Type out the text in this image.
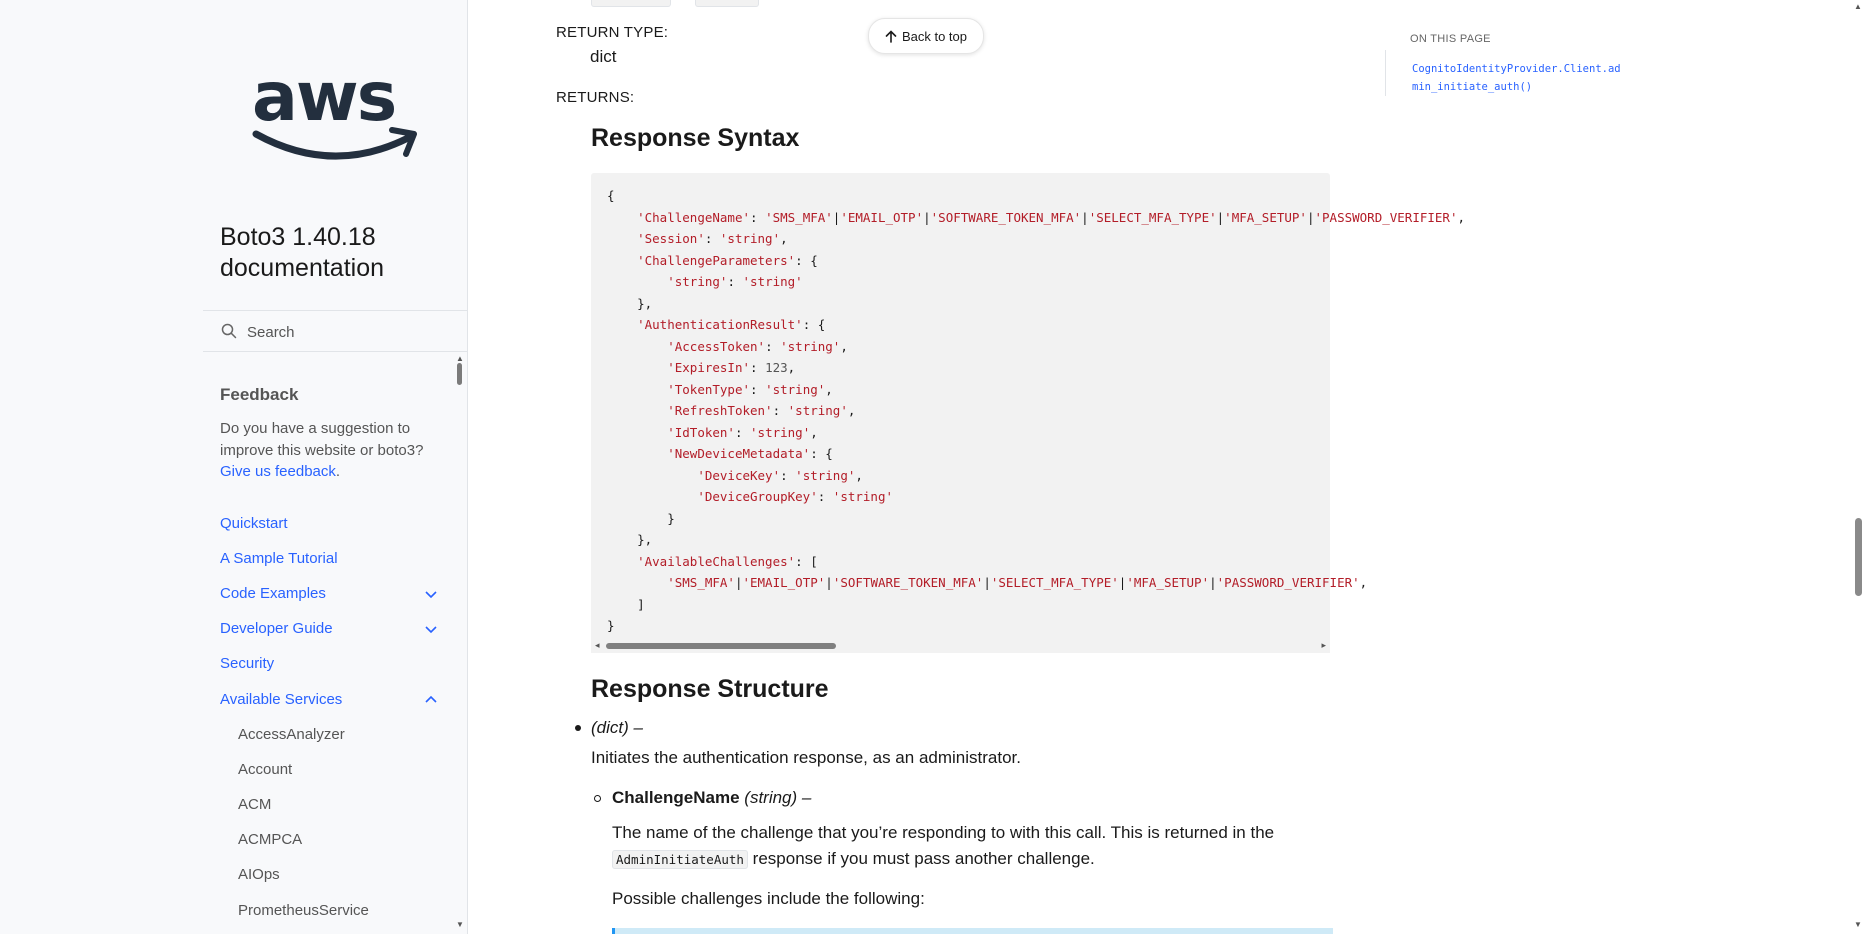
aws
Boto3 1.40.18 documentation
Search
▲
▼
Feedback
Do you have a suggestion to improve this website or boto3? Give us feedback.
Quickstart
A Sample Tutorial
Code Examples
Developer Guide
Security
Available Services
AccessAnalyzer
Account
ACM
ACMPCA
AIOps
PrometheusService
RETURN TYPE:
dict
RETURNS:
Back to top
Response Syntax
{
'ChallengeName': 'SMS_MFA'|'EMAIL_OTP'|'SOFTWARE_TOKEN_MFA'|'SELECT_MFA_TYPE'|'MFA_SETUP'|'PASSWORD_VERIFIER',
'Session': 'string',
'ChallengeParameters': {
'string': 'string'
},
'AuthenticationResult': {
'AccessToken': 'string',
'ExpiresIn': 123,
'TokenType': 'string',
'RefreshToken': 'string',
'IdToken': 'string',
'NewDeviceMetadata': {
'DeviceKey': 'string',
'DeviceGroupKey': 'string'
}
},
'AvailableChallenges': [
'SMS_MFA'|'EMAIL_OTP'|'SOFTWARE_TOKEN_MFA'|'SELECT_MFA_TYPE'|'MFA_SETUP'|'PASSWORD_VERIFIER',
]
}
◂	▸
Response Structure
(dict) –
Initiates the authentication response, as an administrator.
ChallengeName (string) –
The name of the challenge that you’re responding to with this call. This is returned in the AdminInitiateAuth response if you must pass another challenge.
Possible challenges include the following:
ON THIS PAGE
CognitoIdentityProvider.Client.admin_initiate_auth()
▲
▼
